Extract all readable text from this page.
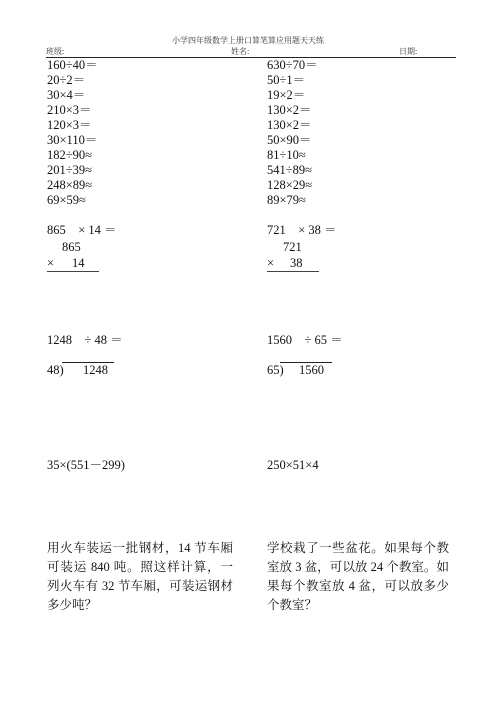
小学四年级数学上册口算笔算应用题天天练
班级:	姓名:	日期:
160÷40＝
20÷2＝
30×4＝
210×3＝
120×3＝
30×110＝
182÷90≈
201÷39≈
248×89≈
69×59≈
630÷70＝
50÷1＝
19×2＝
130×2＝
130×2＝
50×90＝
81÷10≈
541÷89≈
128×29≈
89×79≈
865　× 14 ＝
865
× 14
721　× 38 ＝
721
× 38
1248　÷ 48 ＝
48) 1248
1560　÷ 65 ＝
65) 1560
35×(551－299)	250×51×4
用火车装运一批钢材，14 节车厢可装运 840 吨。照这样计算，一列火车有 32 节车厢，可装运钢材多少吨？
学校栽了一些盆花。如果每个教室放 3 盆，可以放 24 个教室。如果每个教室放 4 盆，可以放多少个教室？
